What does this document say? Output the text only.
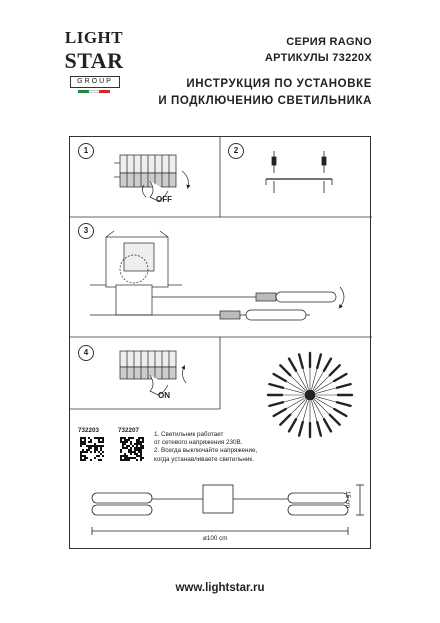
LIGHT
STAR
GROUP
СЕРИЯ RAGNO
АРТИКУЛЫ 73220X
ИНСТРУКЦИЯ ПО УСТАНОВКЕ
И ПОДКЛЮЧЕНИЮ СВЕТИЛЬНИКА
1	2
3
4
OFF
ON
732203	732207
1. Светильник работает
от сетевого напряжения 230В.
2. Всегда выключайте напряжение,
когда устанавливаете светильник.
ø100 cm
15 cm
www.lightstar.ru
